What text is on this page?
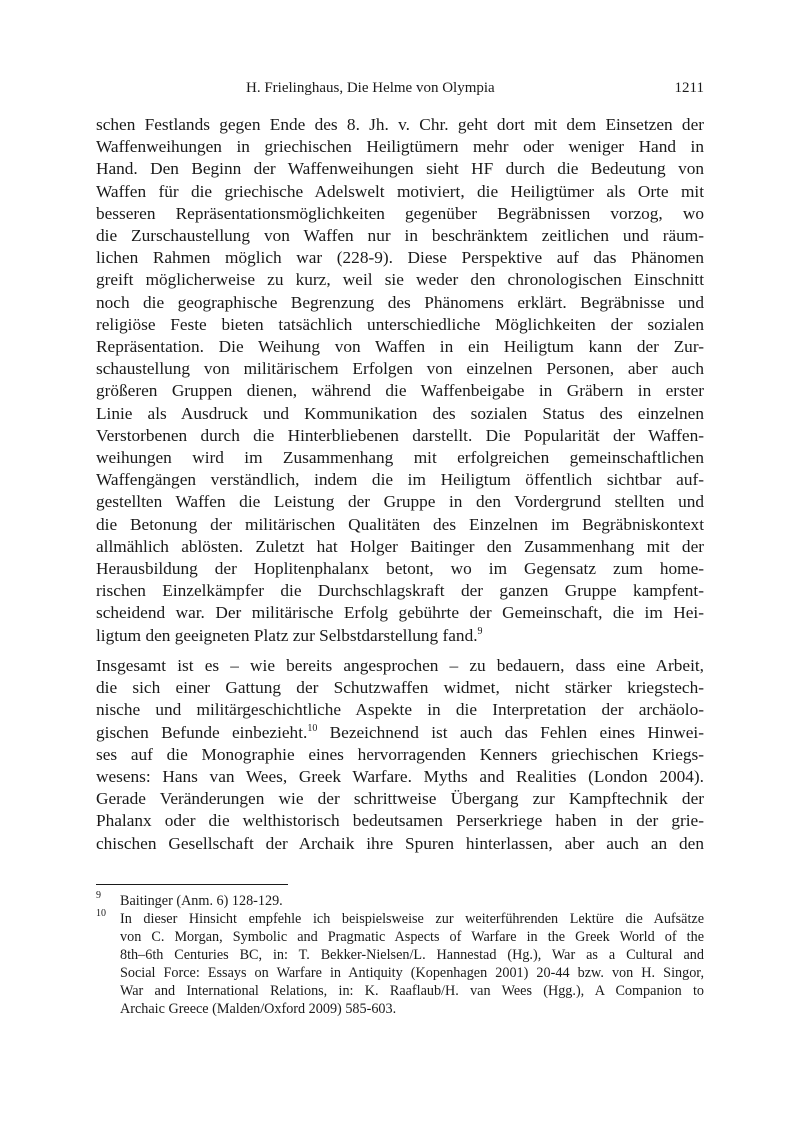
H. Frielinghaus, Die Helme von Olympia	1211
schen Festlands gegen Ende des 8. Jh. v. Chr. geht dort mit dem Einsetzen der
Waffenweihungen in griechischen Heiligtümern mehr oder weniger Hand in
Hand. Den Beginn der Waffenweihungen sieht HF durch die Bedeutung von
Waffen für die griechische Adelswelt motiviert, die Heiligtümer als Orte mit
besseren Repräsentationsmöglichkeiten gegenüber Begräbnissen vorzog, wo
die Zurschaustellung von Waffen nur in beschränktem zeitlichen und räum-
lichen Rahmen möglich war (228-9). Diese Perspektive auf das Phänomen
greift möglicherweise zu kurz, weil sie weder den chronologischen Einschnitt
noch die geographische Begrenzung des Phänomens erklärt. Begräbnisse und
religiöse Feste bieten tatsächlich unterschiedliche Möglichkeiten der sozialen
Repräsentation. Die Weihung von Waffen in ein Heiligtum kann der Zur-
schaustellung von militärischem Erfolgen von einzelnen Personen, aber auch
größeren Gruppen dienen, während die Waffenbeigabe in Gräbern in erster
Linie als Ausdruck und Kommunikation des sozialen Status des einzelnen
Verstorbenen durch die Hinterbliebenen darstellt. Die Popularität der Waffen-
weihungen wird im Zusammenhang mit erfolgreichen gemeinschaftlichen
Waffengängen verständlich, indem die im Heiligtum öffentlich sichtbar auf-
gestellten Waffen die Leistung der Gruppe in den Vordergrund stellten und
die Betonung der militärischen Qualitäten des Einzelnen im Begräbniskontext
allmählich ablösten. Zuletzt hat Holger Baitinger den Zusammenhang mit der
Herausbildung der Hoplitenphalanx betont, wo im Gegensatz zum home-
rischen Einzelkämpfer die Durchschlagskraft der ganzen Gruppe kampfent-
scheidend war. Der militärische Erfolg gebührte der Gemeinschaft, die im Hei-
ligtum den geeigneten Platz zur Selbstdarstellung fand.$^9$
Insgesamt ist es – wie bereits angesprochen – zu bedauern, dass eine Arbeit,
die sich einer Gattung der Schutzwaffen widmet, nicht stärker kriegstech-
nische und militärgeschichtliche Aspekte in die Interpretation der archäolo-
gischen Befunde einbezieht.$^{10}$ Bezeichnend ist auch das Fehlen eines Hinwei-
ses auf die Monographie eines hervorragenden Kenners griechischen Kriegs-
wesens: Hans van Wees, Greek Warfare. Myths and Realities (London 2004).
Gerade Veränderungen wie der schrittweise Übergang zur Kampftechnik der
Phalanx oder die welthistorisch bedeutsamen Perserkriege haben in der grie-
chischen Gesellschaft der Archaik ihre Spuren hinterlassen, aber auch an den
9 Baitinger (Anm. 6) 128-129.
10 In dieser Hinsicht empfehle ich beispielsweise zur weiterführenden Lektüre die Aufsätze
von C. Morgan, Symbolic and Pragmatic Aspects of Warfare in the Greek World of the
8th–6th Centuries BC, in: T. Bekker-Nielsen/L. Hannestad (Hg.), War as a Cultural and
Social Force: Essays on Warfare in Antiquity (Kopenhagen 2001) 20-44 bzw. von H. Singor,
War and International Relations, in: K. Raaflaub/H. van Wees (Hgg.), A Companion to
Archaic Greece (Malden/Oxford 2009) 585-603.
